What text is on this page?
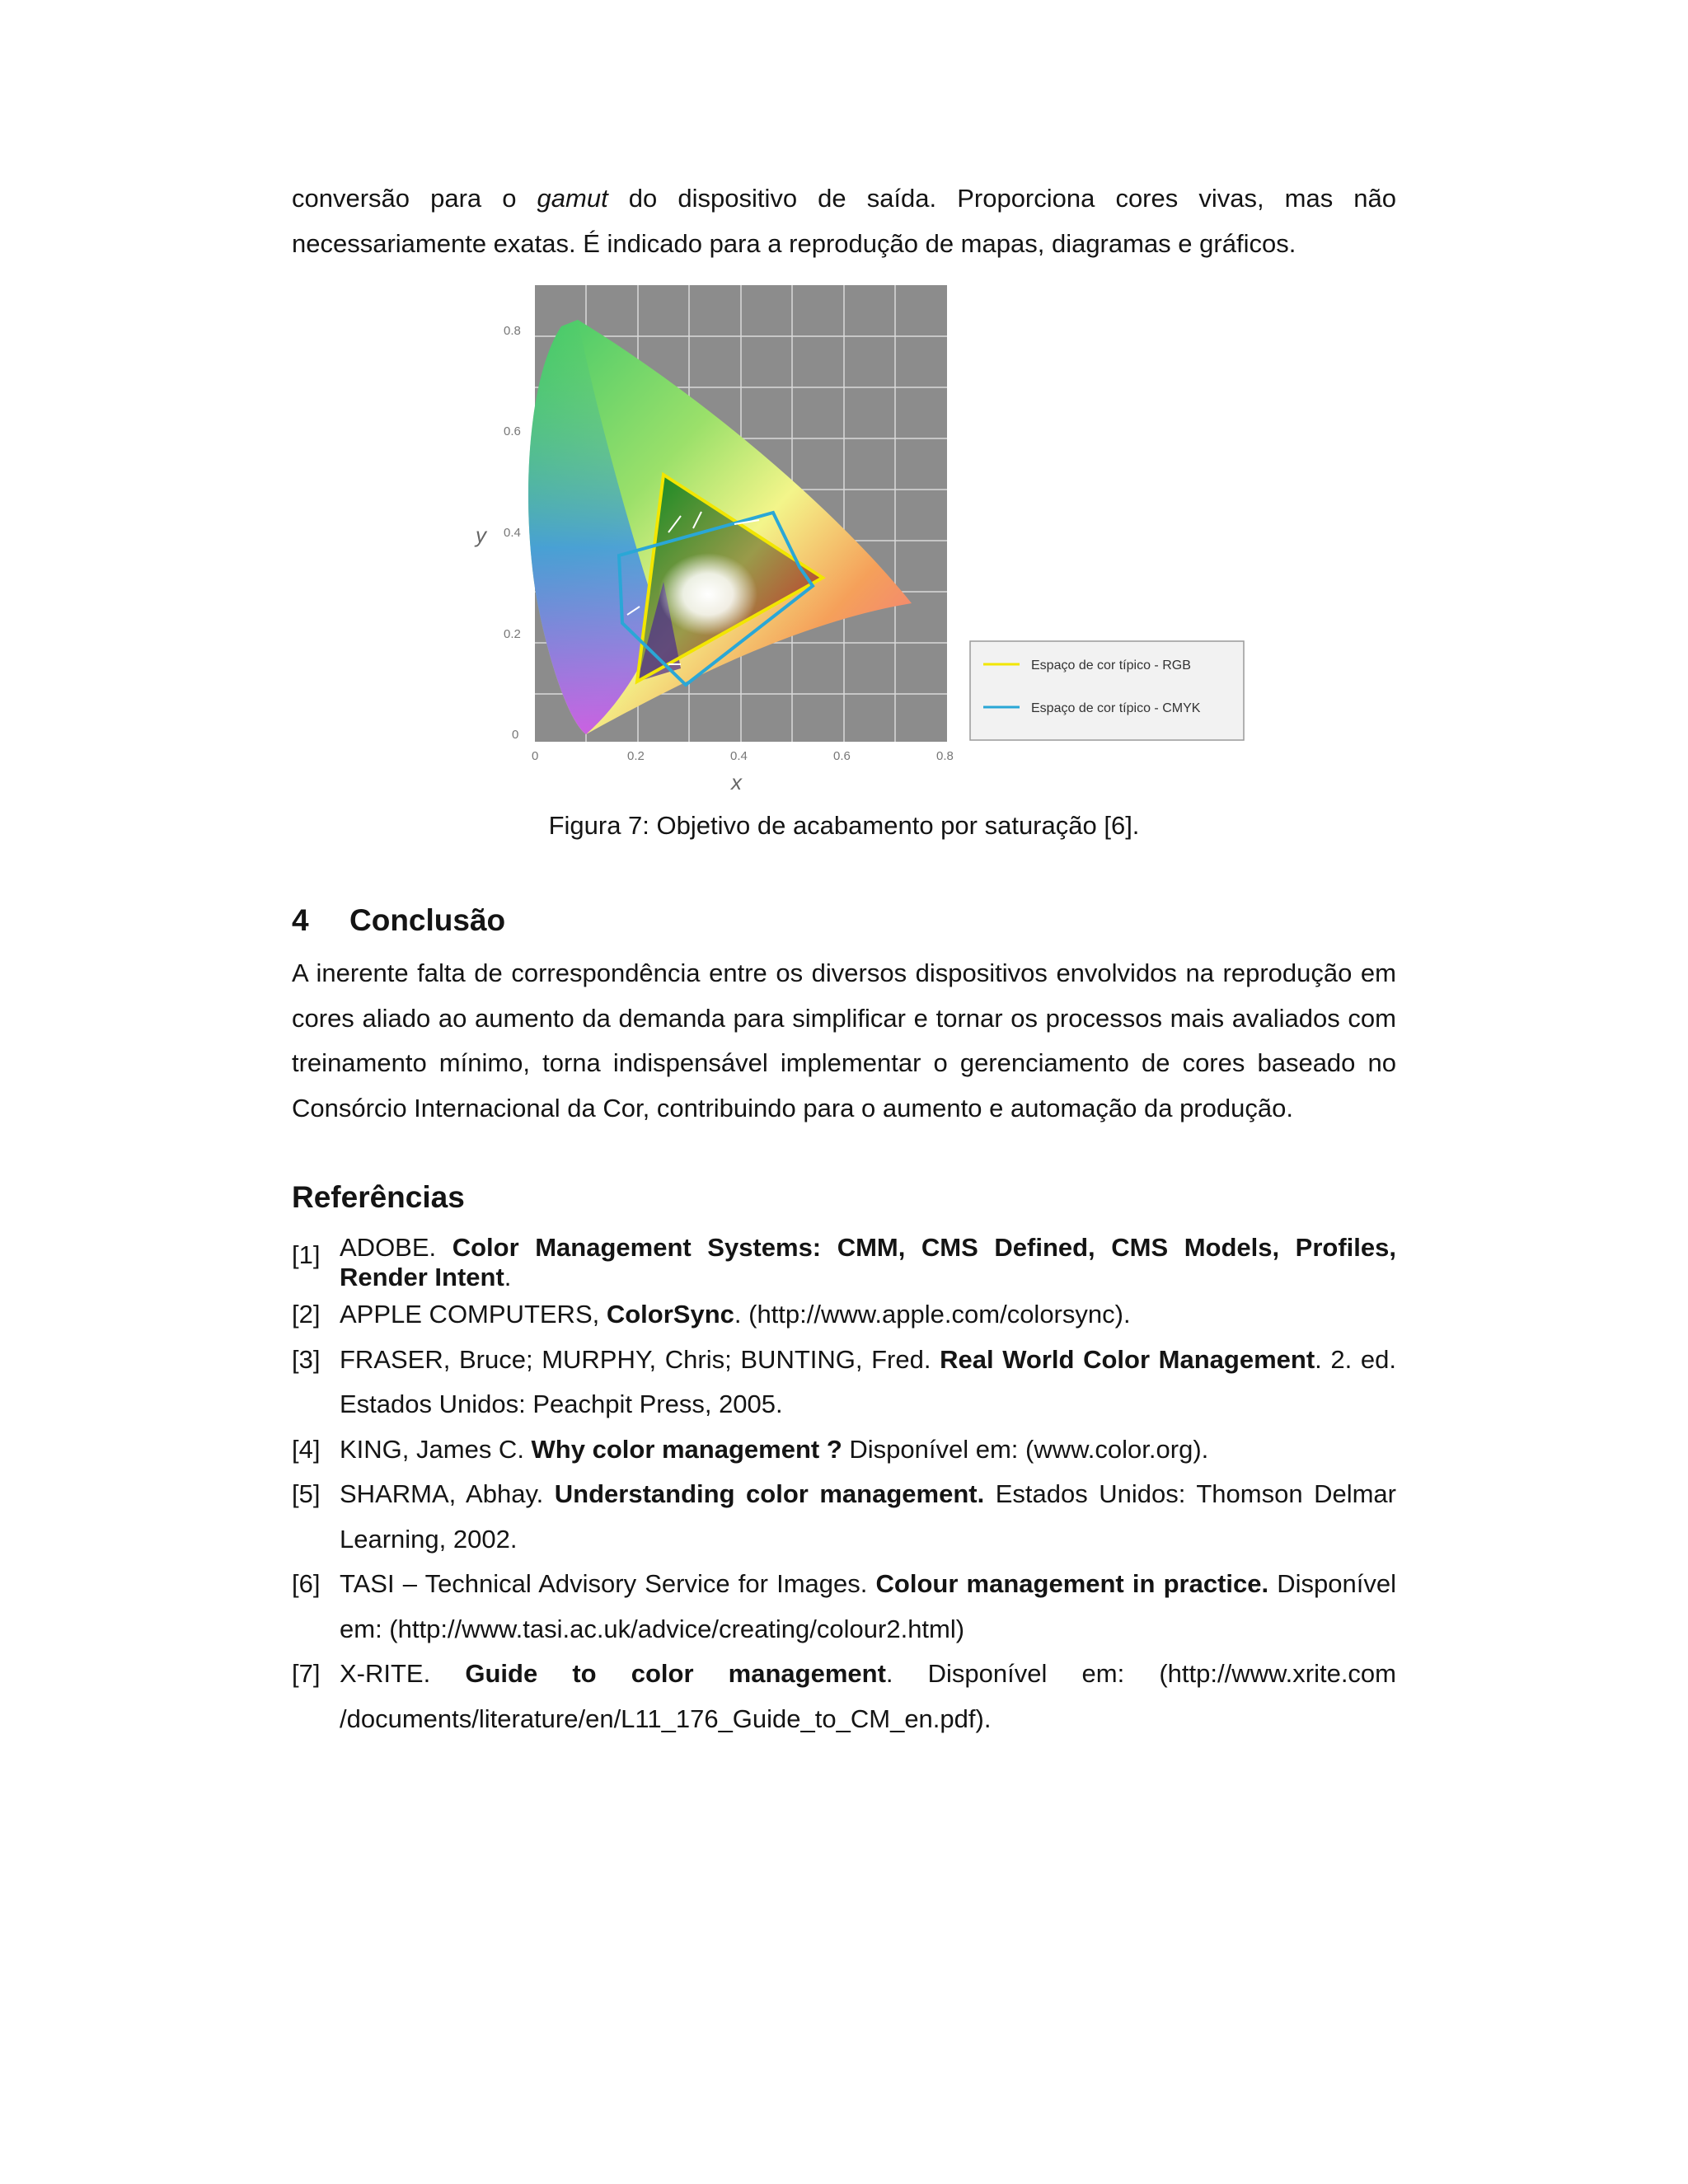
conversão para o gamut do dispositivo de saída. Proporciona cores vivas, mas não necessariamente exatas. É indicado para a reprodução de mapas, diagramas e gráficos.

0.8
0.6
0.4
0.2
0
0	0.2	0.4	0.6	0.8
y
x
Espaço de cor típico - RGB
Espaço de cor típico - CMYK
Figura 7: Objetivo de acabamento por saturação [6].
4 Conclusão

A inerente falta de correspondência entre os diversos dispositivos envolvidos na reprodução em cores aliado ao aumento da demanda para simplificar e tornar os processos mais avaliados com treinamento mínimo, torna indispensável implementar o gerenciamento de cores baseado no Consórcio Internacional da Cor, contribuindo para o aumento e automação da produção.

Referências
[1] ADOBE. Color Management Systems: CMM, CMS Defined, CMS Models, Profiles, Render Intent.
[2] APPLE COMPUTERS, ColorSync. (http://www.apple.com/colorsync).
[3] FRASER, Bruce; MURPHY, Chris; BUNTING, Fred. Real World Color Management. 2. ed. Estados Unidos: Peachpit Press, 2005.
[4] KING, James C. Why color management ? Disponível em: (www.color.org).
[5] SHARMA, Abhay. Understanding color management. Estados Unidos: Thomson Delmar Learning, 2002.
[6] TASI – Technical Advisory Service for Images. Colour management in practice. Disponível em: (http://www.tasi.ac.uk/advice/creating/colour2.html)
[7] X-RITE. Guide to color management. Disponível em: (http://www.xrite.com /documents/literature/en/L11_176_Guide_to_CM_en.pdf).
